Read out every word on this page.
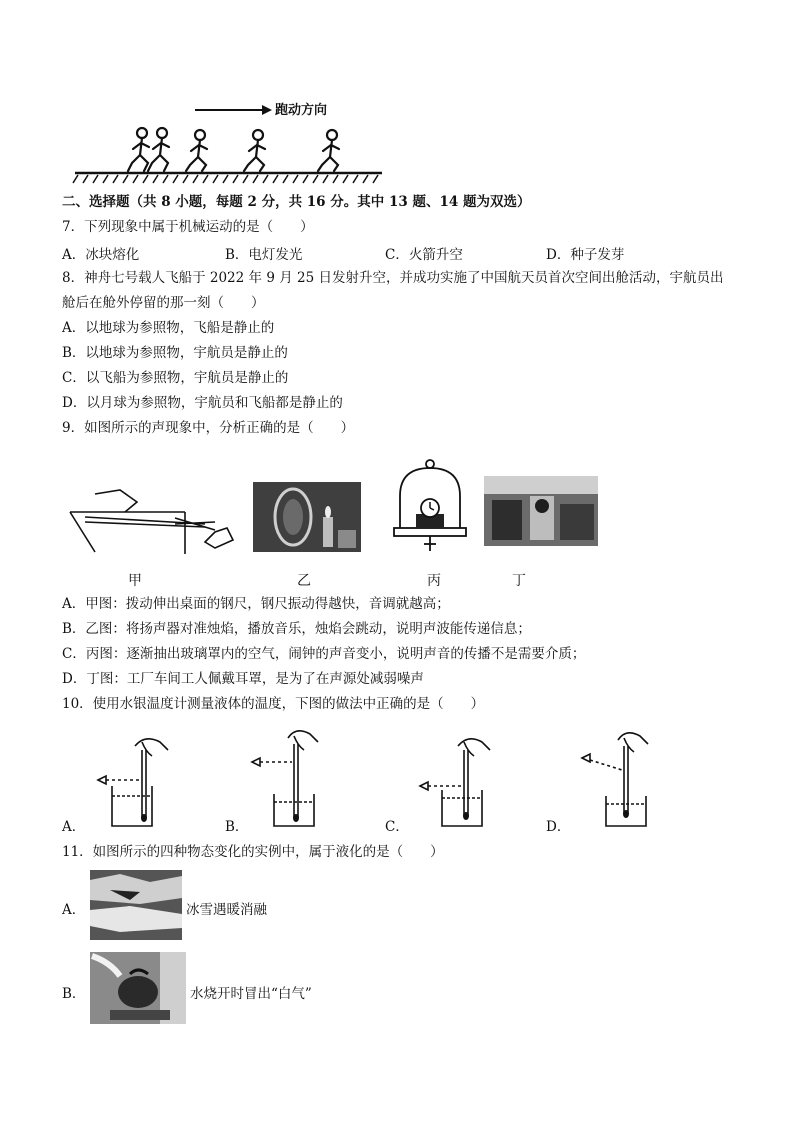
跑动方向
二、选择题（共 8 小题，每题 2 分，共 16 分。其中 13 题、14 题为双选）
7．下列现象中属于机械运动的是（　　）
A．冰块熔化	B．电灯发光	C．火箭升空	D．种子发芽
8．神舟七号载人飞船于 2022 年 9 月 25 日发射升空，并成功实施了中国航天员首次空间出舱活动，宇航员出
舱后在舱外停留的那一刻（　　）
A．以地球为参照物，飞船是静止的
B．以地球为参照物，宇航员是静止的
C．以飞船为参照物，宇航员是静止的
D．以月球为参照物，宇航员和飞船都是静止的
9．如图所示的声现象中，分析正确的是（　　）
甲	乙	丙	丁
A．甲图：拨动伸出桌面的钢尺，钢尺振动得越快，音调就越高；
B．乙图：将扬声器对准烛焰，播放音乐，烛焰会跳动，说明声波能传递信息；
C．丙图：逐渐抽出玻璃罩内的空气，闹钟的声音变小，说明声音的传播不是需要介质；
D．丁图：工厂车间工人佩戴耳罩，是为了在声源处减弱噪声
10．使用水银温度计测量液体的温度，下图的做法中正确的是（　　）
A．	B．	C．	D．
11．如图所示的四种物态变化的实例中，属于液化的是（　　）
A．	冰雪遇暖消融
B．	水烧开时冒出“白气”
